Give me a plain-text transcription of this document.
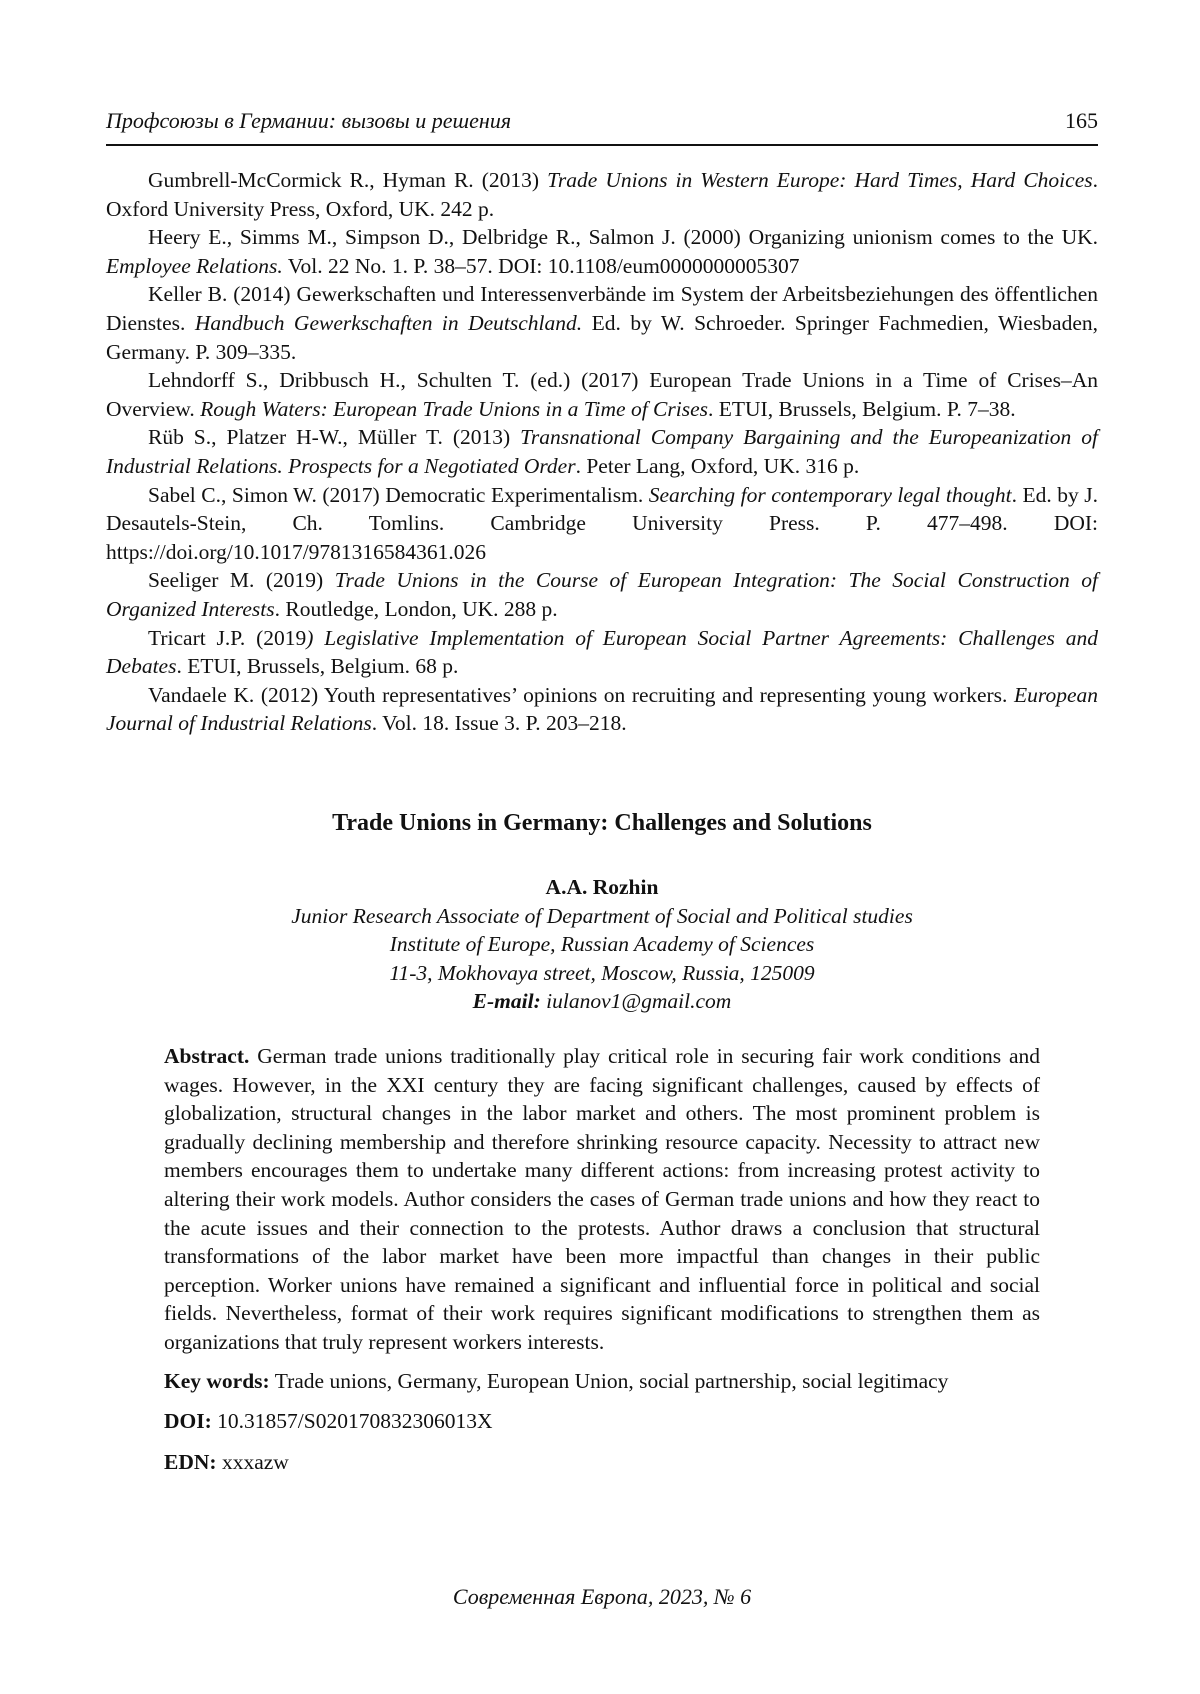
Профсоюзы в Германии: вызовы и решения	165

Gumbrell-McCormick R., Hyman R. (2013) Trade Unions in Western Europe: Hard Times, Hard Choices. Oxford University Press, Oxford, UK. 242 p.

Heery E., Simms M., Simpson D., Delbridge R., Salmon J. (2000) Organizing unionism comes to the UK. Employee Relations. Vol. 22 No. 1. P. 38–57. DOI: 10.1108/eum0000000005307

Keller B. (2014) Gewerkschaften und Interessenverbände im System der Arbeitsbeziehungen des öffentlichen Dienstes. Handbuch Gewerkschaften in Deutschland. Ed. by W. Schroeder. Springer Fachmedien, Wiesbaden, Germany. P. 309–335.

Lehndorff S., Dribbusch H., Schulten T. (ed.) (2017) European Trade Unions in a Time of Crises–An Overview. Rough Waters: European Trade Unions in a Time of Crises. ETUI, Brussels, Belgium. P. 7–38.

Rüb S., Platzer H-W., Müller T. (2013) Transnational Company Bargaining and the Europeanization of Industrial Relations. Prospects for a Negotiated Order. Peter Lang, Oxford, UK. 316 p.

Sabel C., Simon W. (2017) Democratic Experimentalism. Searching for contemporary legal thought. Ed. by J. Desautels-Stein, Ch. Tomlins. Cambridge University Press. P. 477–498. DOI: https://doi.org/10.1017/9781316584361.026

Seeliger M. (2019) Trade Unions in the Course of European Integration: The Social Construction of Organized Interests. Routledge, London, UK. 288 p.

Tricart J.P. (2019) Legislative Implementation of European Social Partner Agreements: Challenges and Debates. ETUI, Brussels, Belgium. 68 p.

Vandaele K. (2012) Youth representatives’ opinions on recruiting and representing young workers. European Journal of Industrial Relations. Vol. 18. Issue 3. P. 203–218.

Trade Unions in Germany: Challenges and Solutions
A.A. Rozhin
Junior Research Associate of Department of Social and Political studies
Institute of Europe, Russian Academy of Sciences
11-3, Mokhovaya street, Moscow, Russia, 125009
E-mail: iulanov1@gmail.com

Abstract. German trade unions traditionally play critical role in securing fair work conditions and wages. However, in the XXI century they are facing significant challenges, caused by effects of globalization, structural changes in the labor market and others. The most prominent problem is gradually declining membership and therefore shrinking resource capacity. Necessity to attract new members encourages them to undertake many different actions: from increasing protest activity to altering their work models. Author considers the cases of German trade unions and how they react to the acute issues and their connection to the protests. Author draws a conclusion that structural transformations of the labor market have been more impactful than changes in their public perception. Worker unions have remained a significant and influential force in political and social fields. Nevertheless, format of their work requires significant modifications to strengthen them as organizations that truly represent workers interests.

Key words: Trade unions, Germany, European Union, social partnership, social legitimacy

DOI: 10.31857/S020170832306013X

EDN: xxxazw

Современная Европа, 2023, № 6
